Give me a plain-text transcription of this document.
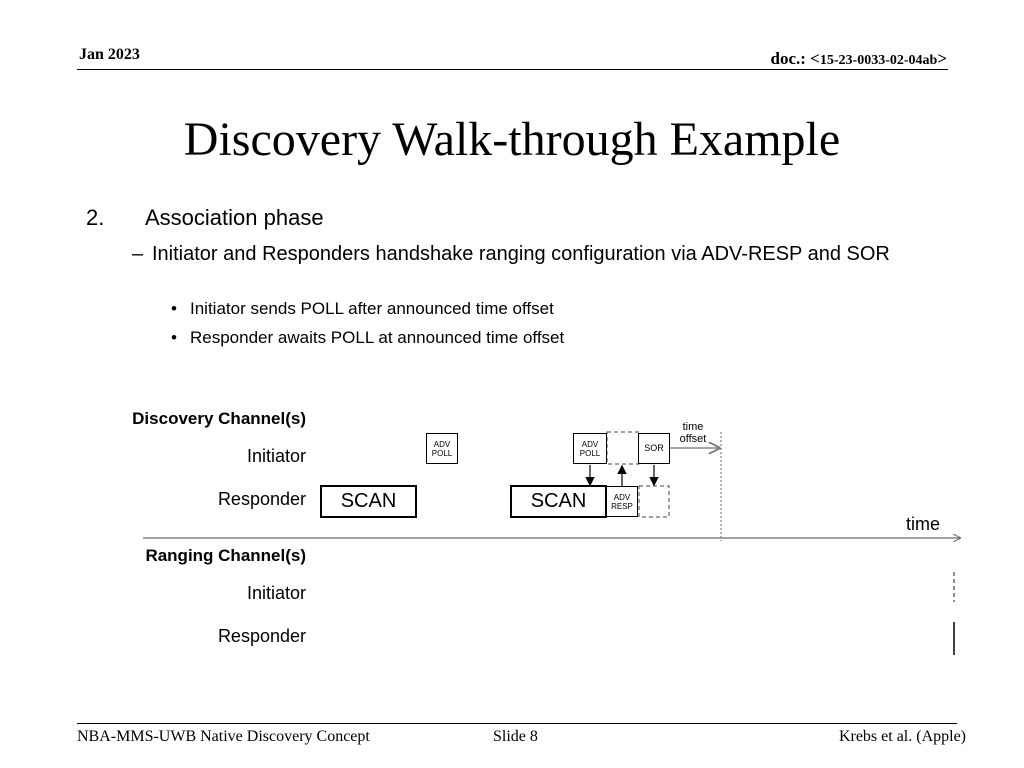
Jan 2023	doc.: <15-23-0033-02-04ab>
Discovery Walk-through Example
2. Association phase
– Initiator and Responders handshake ranging configuration via ADV-RESP and SOR
• Initiator sends POLL after announced time offset
• Responder awaits POLL at announced time offset
Discovery Channel(s)
Initiator
Responder
Ranging Channel(s)
Initiator
Responder
SCAN	SCAN
ADV
POLL
ADV
POLL
ADV
RESP
SOR
time
offset
time
NBA-MMS-UWB Native Discovery Concept	Slide 8	Krebs et al. (Apple)
